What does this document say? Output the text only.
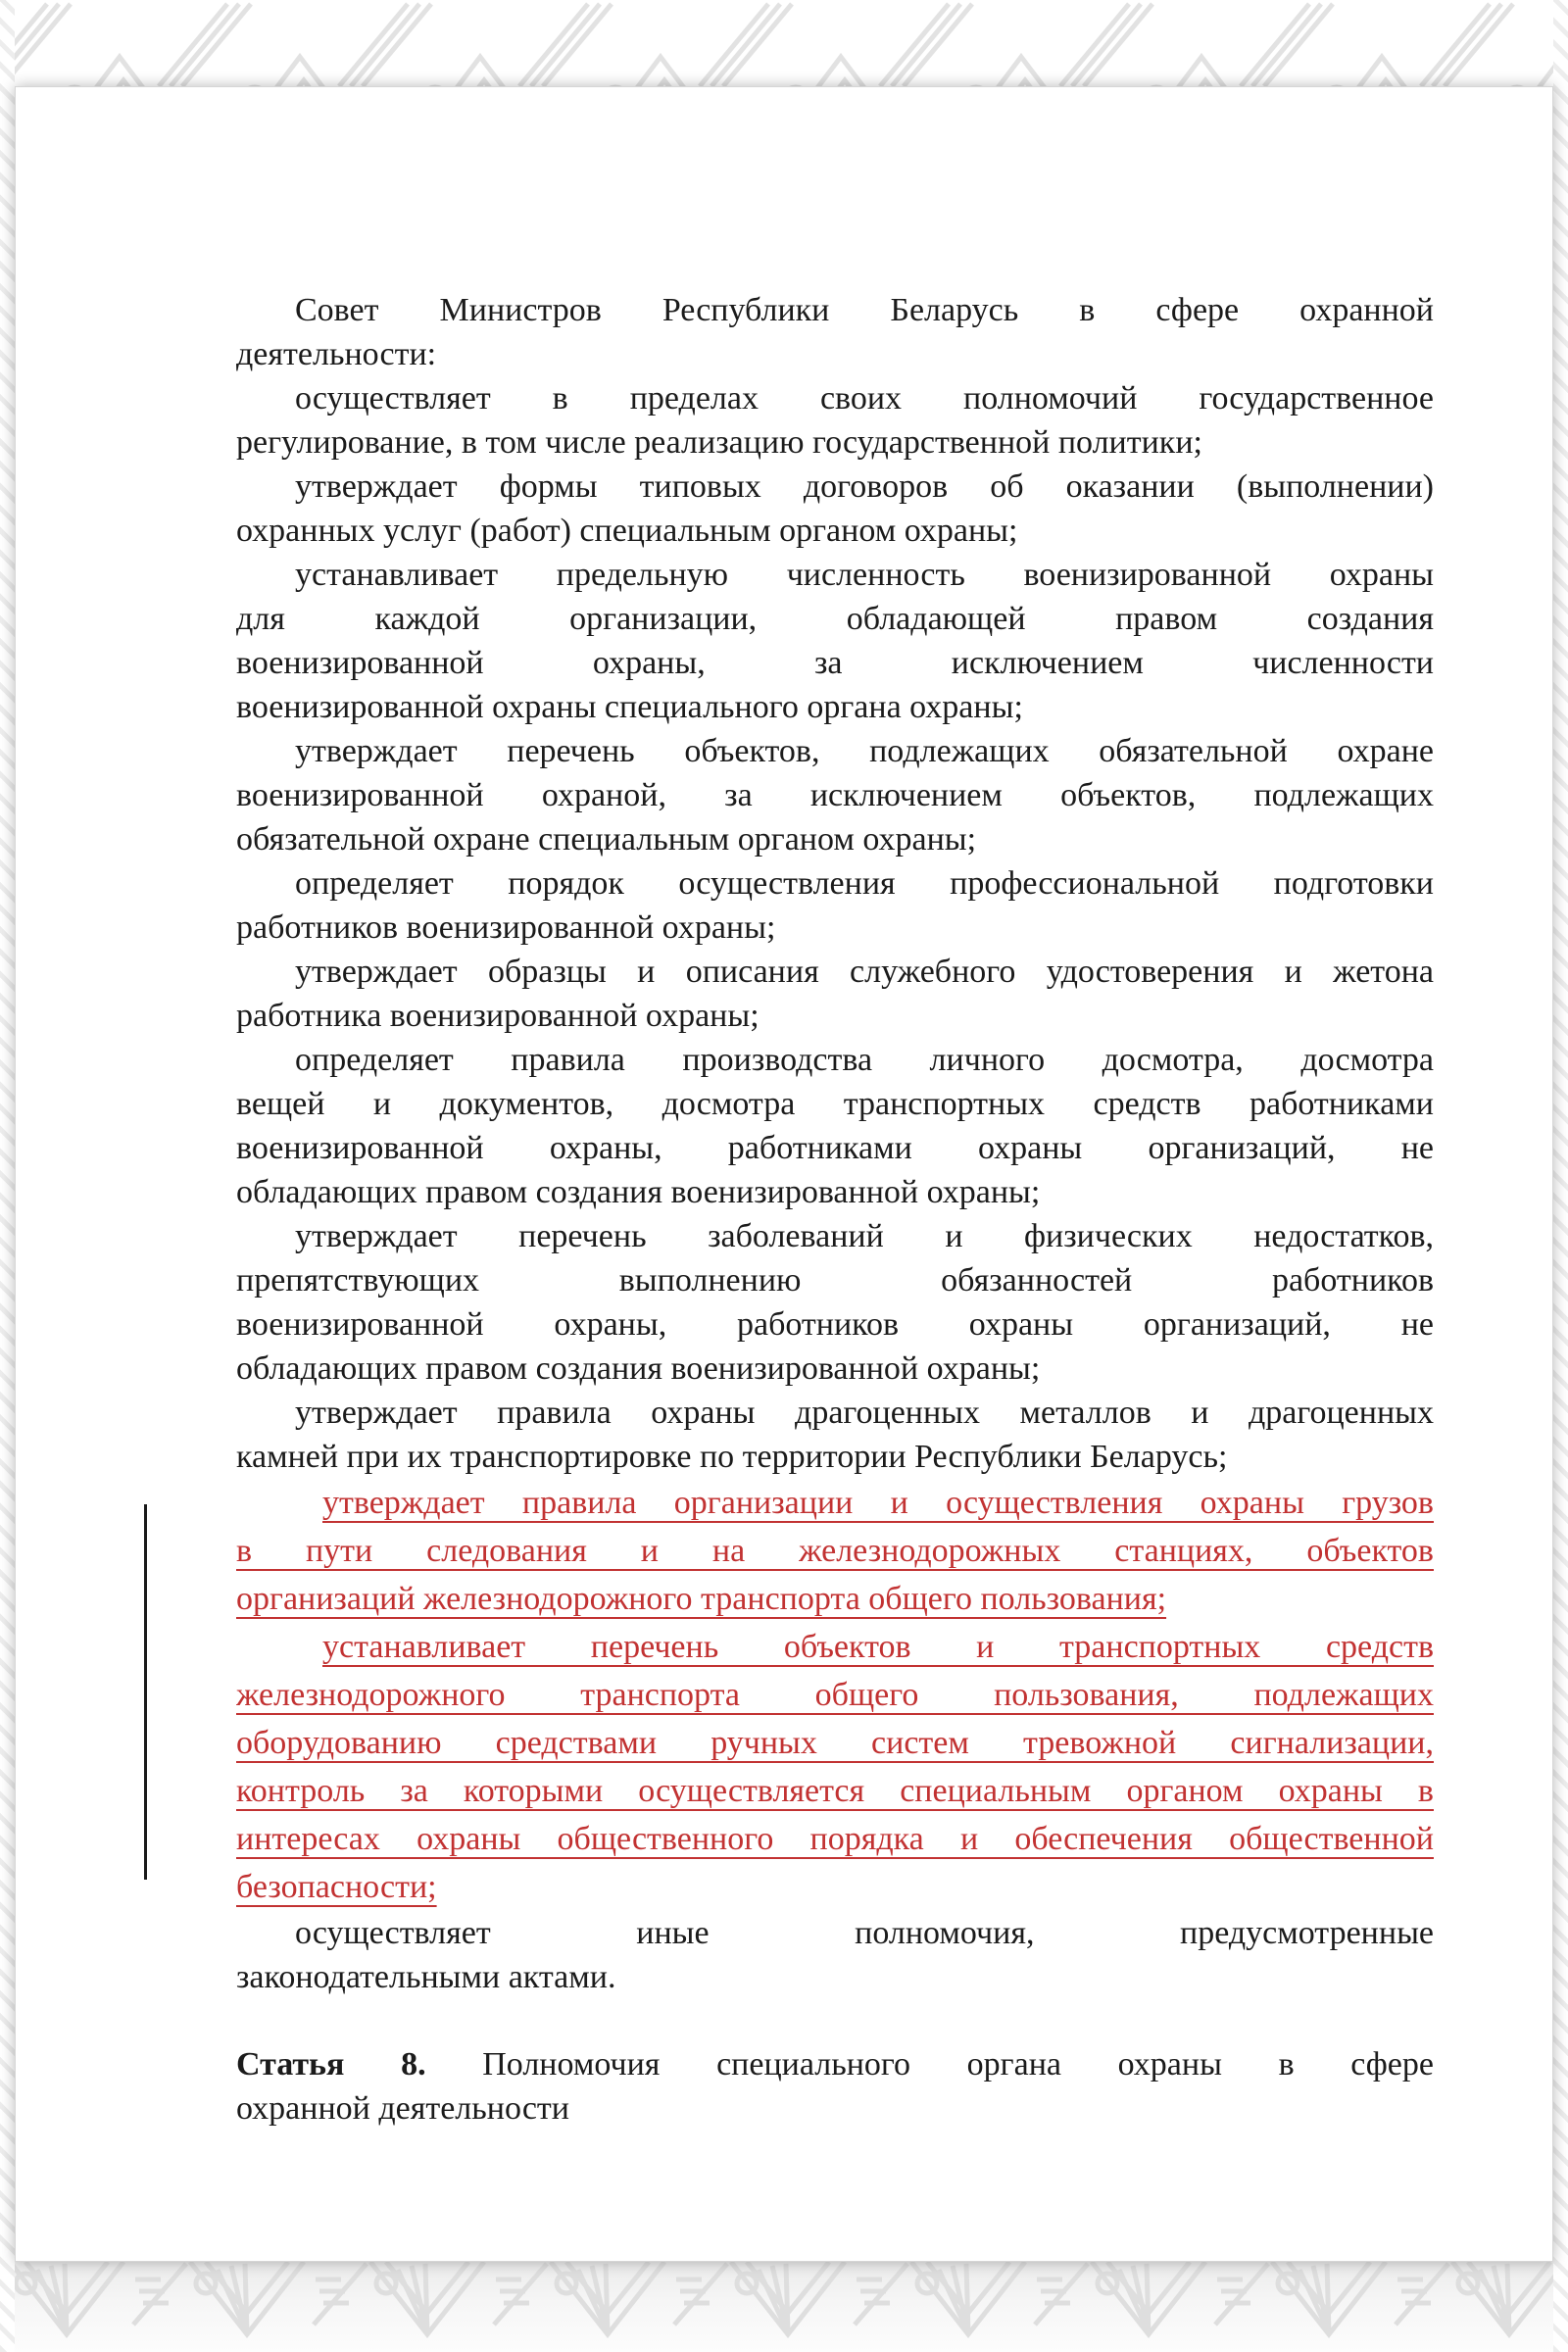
Совет Министров Республики Беларусь в сфере охранной
деятельности:
осуществляет в пределах своих полномочий государственное
регулирование, в том числе реализацию государственной политики;
утверждает формы типовых договоров об оказании (выполнении)
охранных услуг (работ) специальным органом охраны;
устанавливает предельную численность военизированной охраны
для каждой организации, обладающей правом создания
военизированной охраны, за исключением численности
военизированной охраны специального органа охраны;
утверждает перечень объектов, подлежащих обязательной охране
военизированной охраной, за исключением объектов, подлежащих
обязательной охране специальным органом охраны;
определяет порядок осуществления профессиональной подготовки
работников военизированной охраны;
утверждает образцы и описания служебного удостоверения и жетона
работника военизированной охраны;
определяет правила производства личного досмотра, досмотра
вещей и документов, досмотра транспортных средств работниками
военизированной охраны, работниками охраны организаций, не
обладающих правом создания военизированной охраны;
утверждает перечень заболеваний и физических недостатков,
препятствующих выполнению обязанностей работников
военизированной охраны, работников охраны организаций, не
обладающих правом создания военизированной охраны;
утверждает правила охраны драгоценных металлов и драгоценных
камней при их транспортировке по территории Республики Беларусь;
утверждает правила организации и осуществления охраны грузов
в пути следования и на железнодорожных станциях, объектов
организаций железнодорожного транспорта общего пользования;
устанавливает перечень объектов и транспортных средств
железнодорожного транспорта общего пользования, подлежащих
оборудованию средствами ручных систем тревожной сигнализации,
контроль за которыми осуществляется специальным органом охраны в
интересах охраны общественного порядка и обеспечения общественной
безопасности;
осуществляет иные полномочия, предусмотренные
законодательными актами.
Статья 8. Полномочия специального органа охраны в сфере
охранной деятельности
